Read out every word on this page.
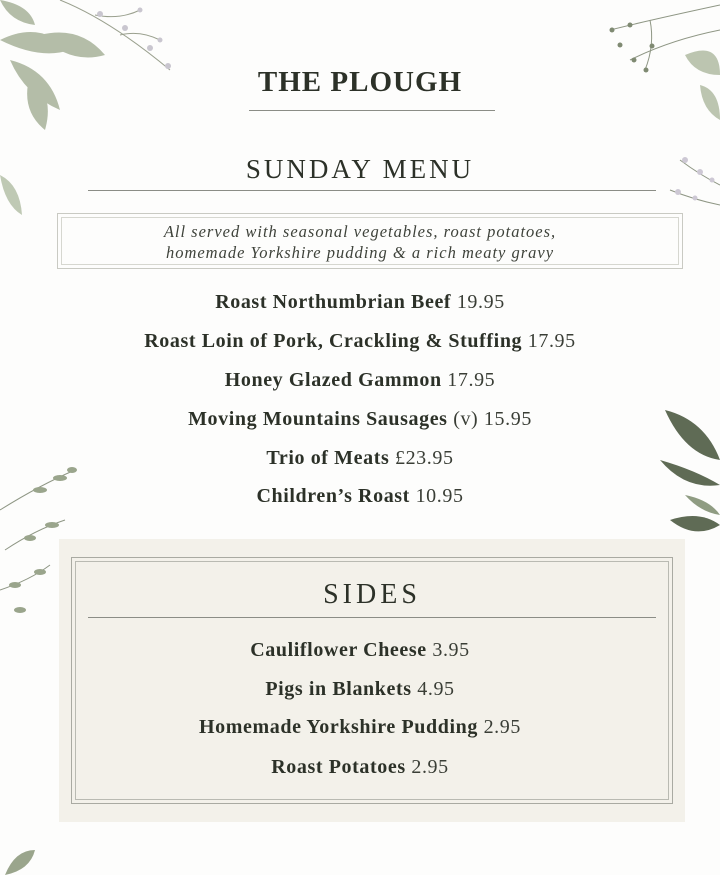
THE PLOUGH
SUNDAY MENU
All served with seasonal vegetables, roast potatoes,
homemade Yorkshire pudding & a rich meaty gravy
Roast Northumbrian Beef 19.95
Roast Loin of Pork, Crackling & Stuffing 17.95
Honey Glazed Gammon 17.95
Moving Mountains Sausages (v) 15.95
Trio of Meats £23.95
Children’s Roast 10.95
SIDES
Cauliflower Cheese 3.95
Pigs in Blankets 4.95
Homemade Yorkshire Pudding 2.95
Roast Potatoes 2.95
